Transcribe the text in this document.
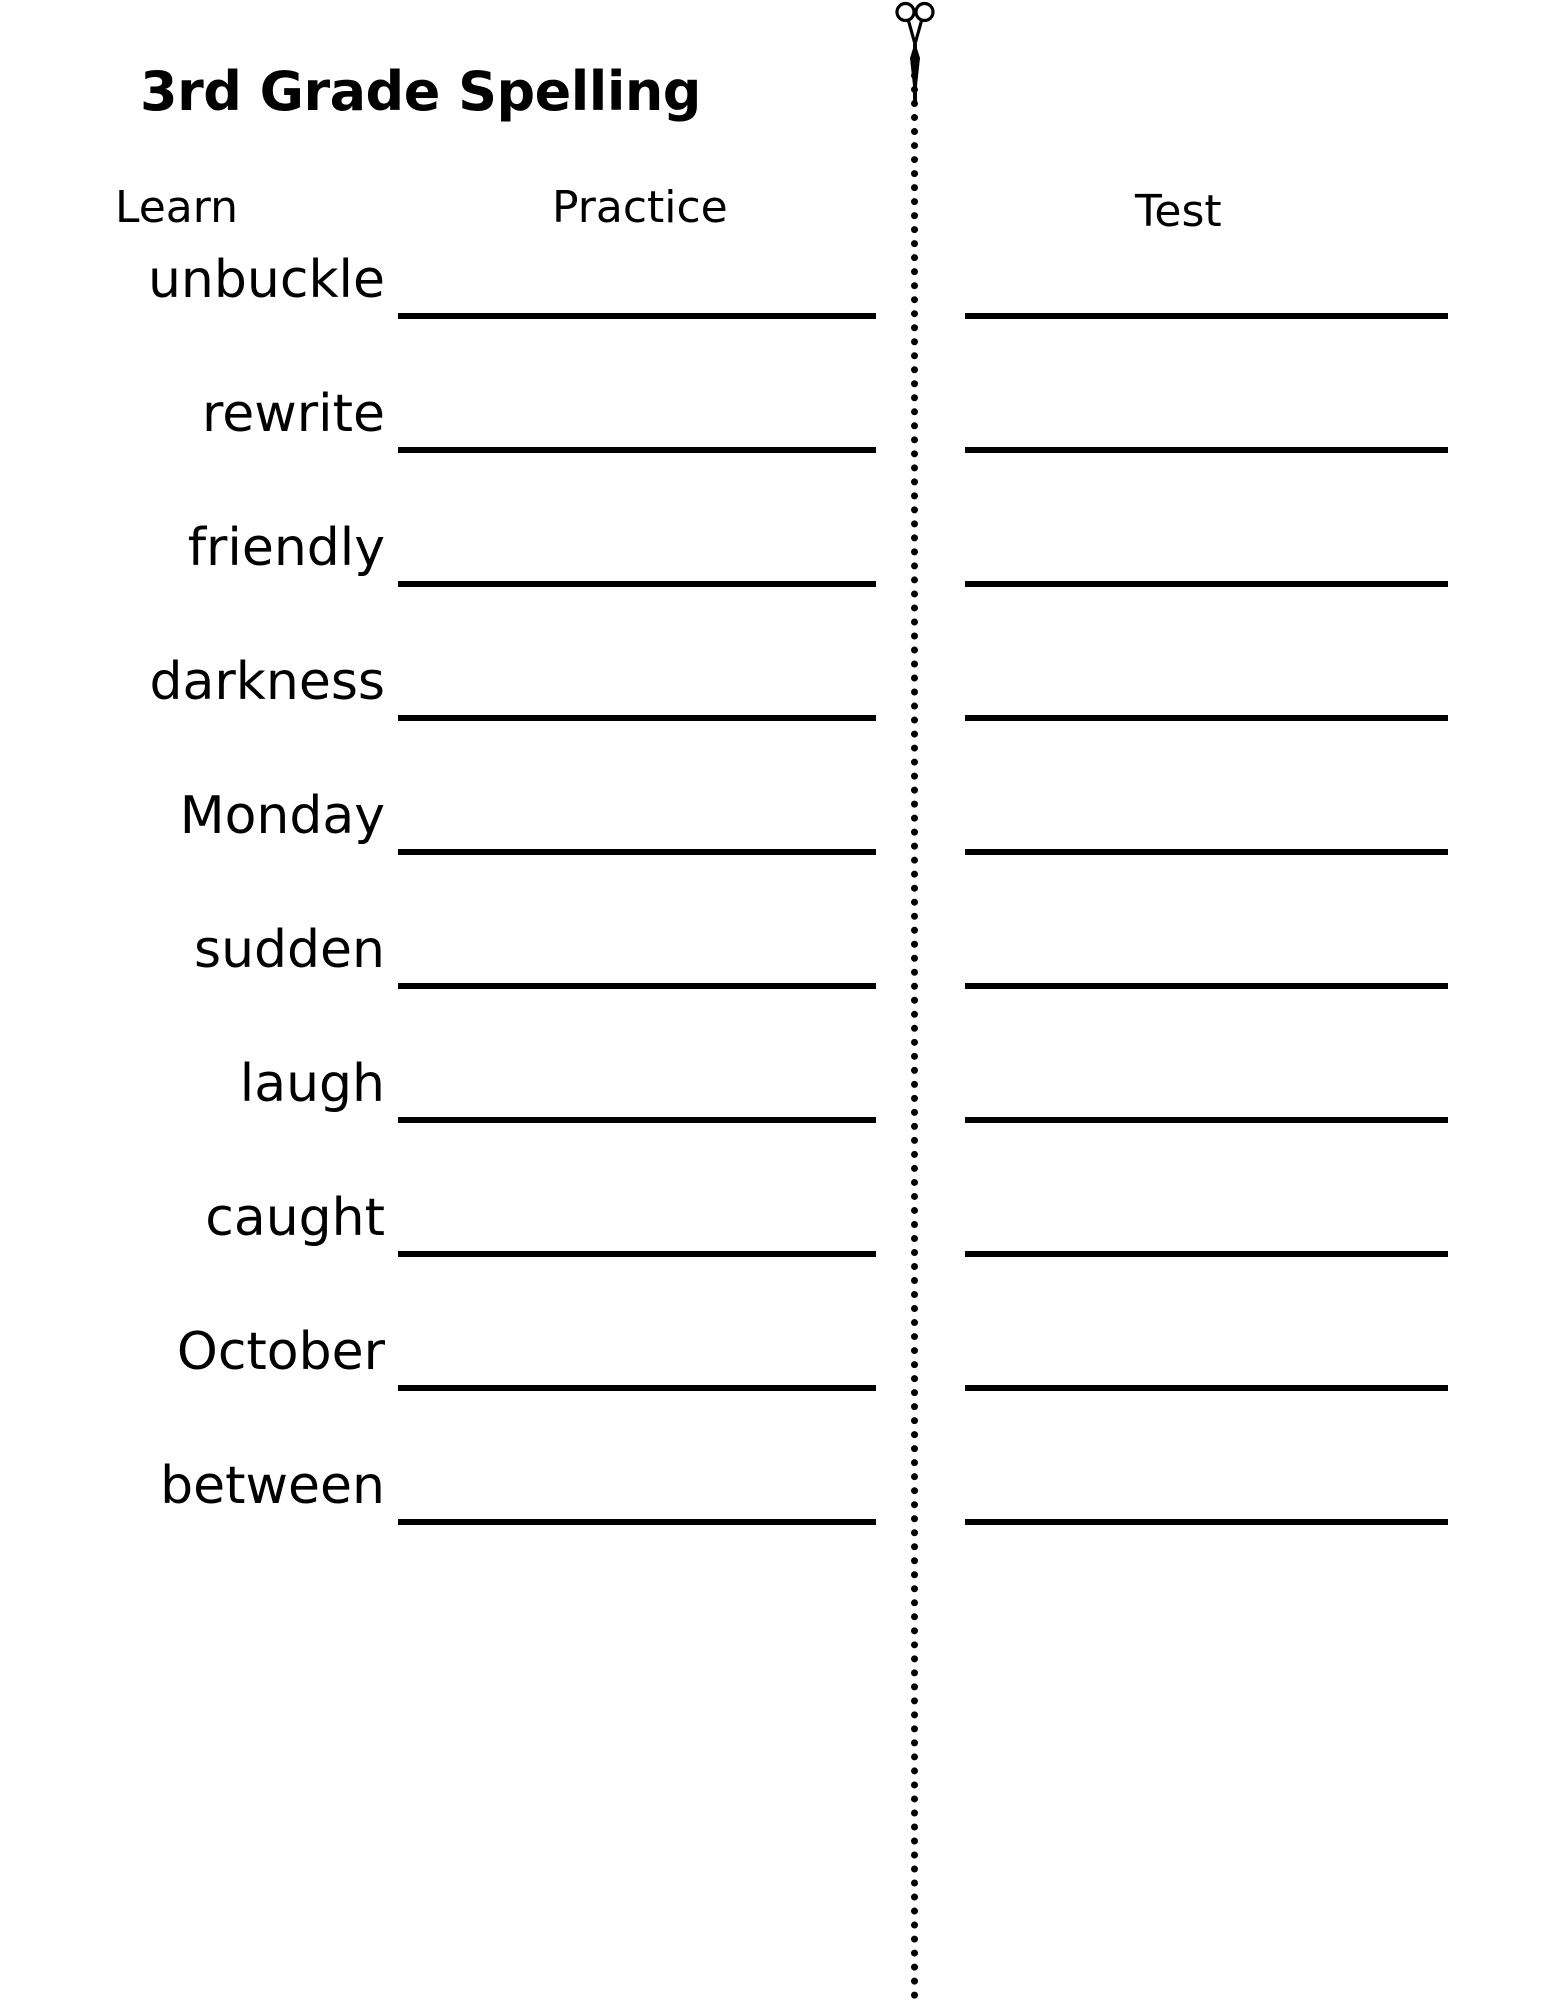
3rd Grade Spelling
Learn	Practice	Test
unbuckle
rewrite
friendly
darkness
Monday
sudden
laugh
caught
October
between
